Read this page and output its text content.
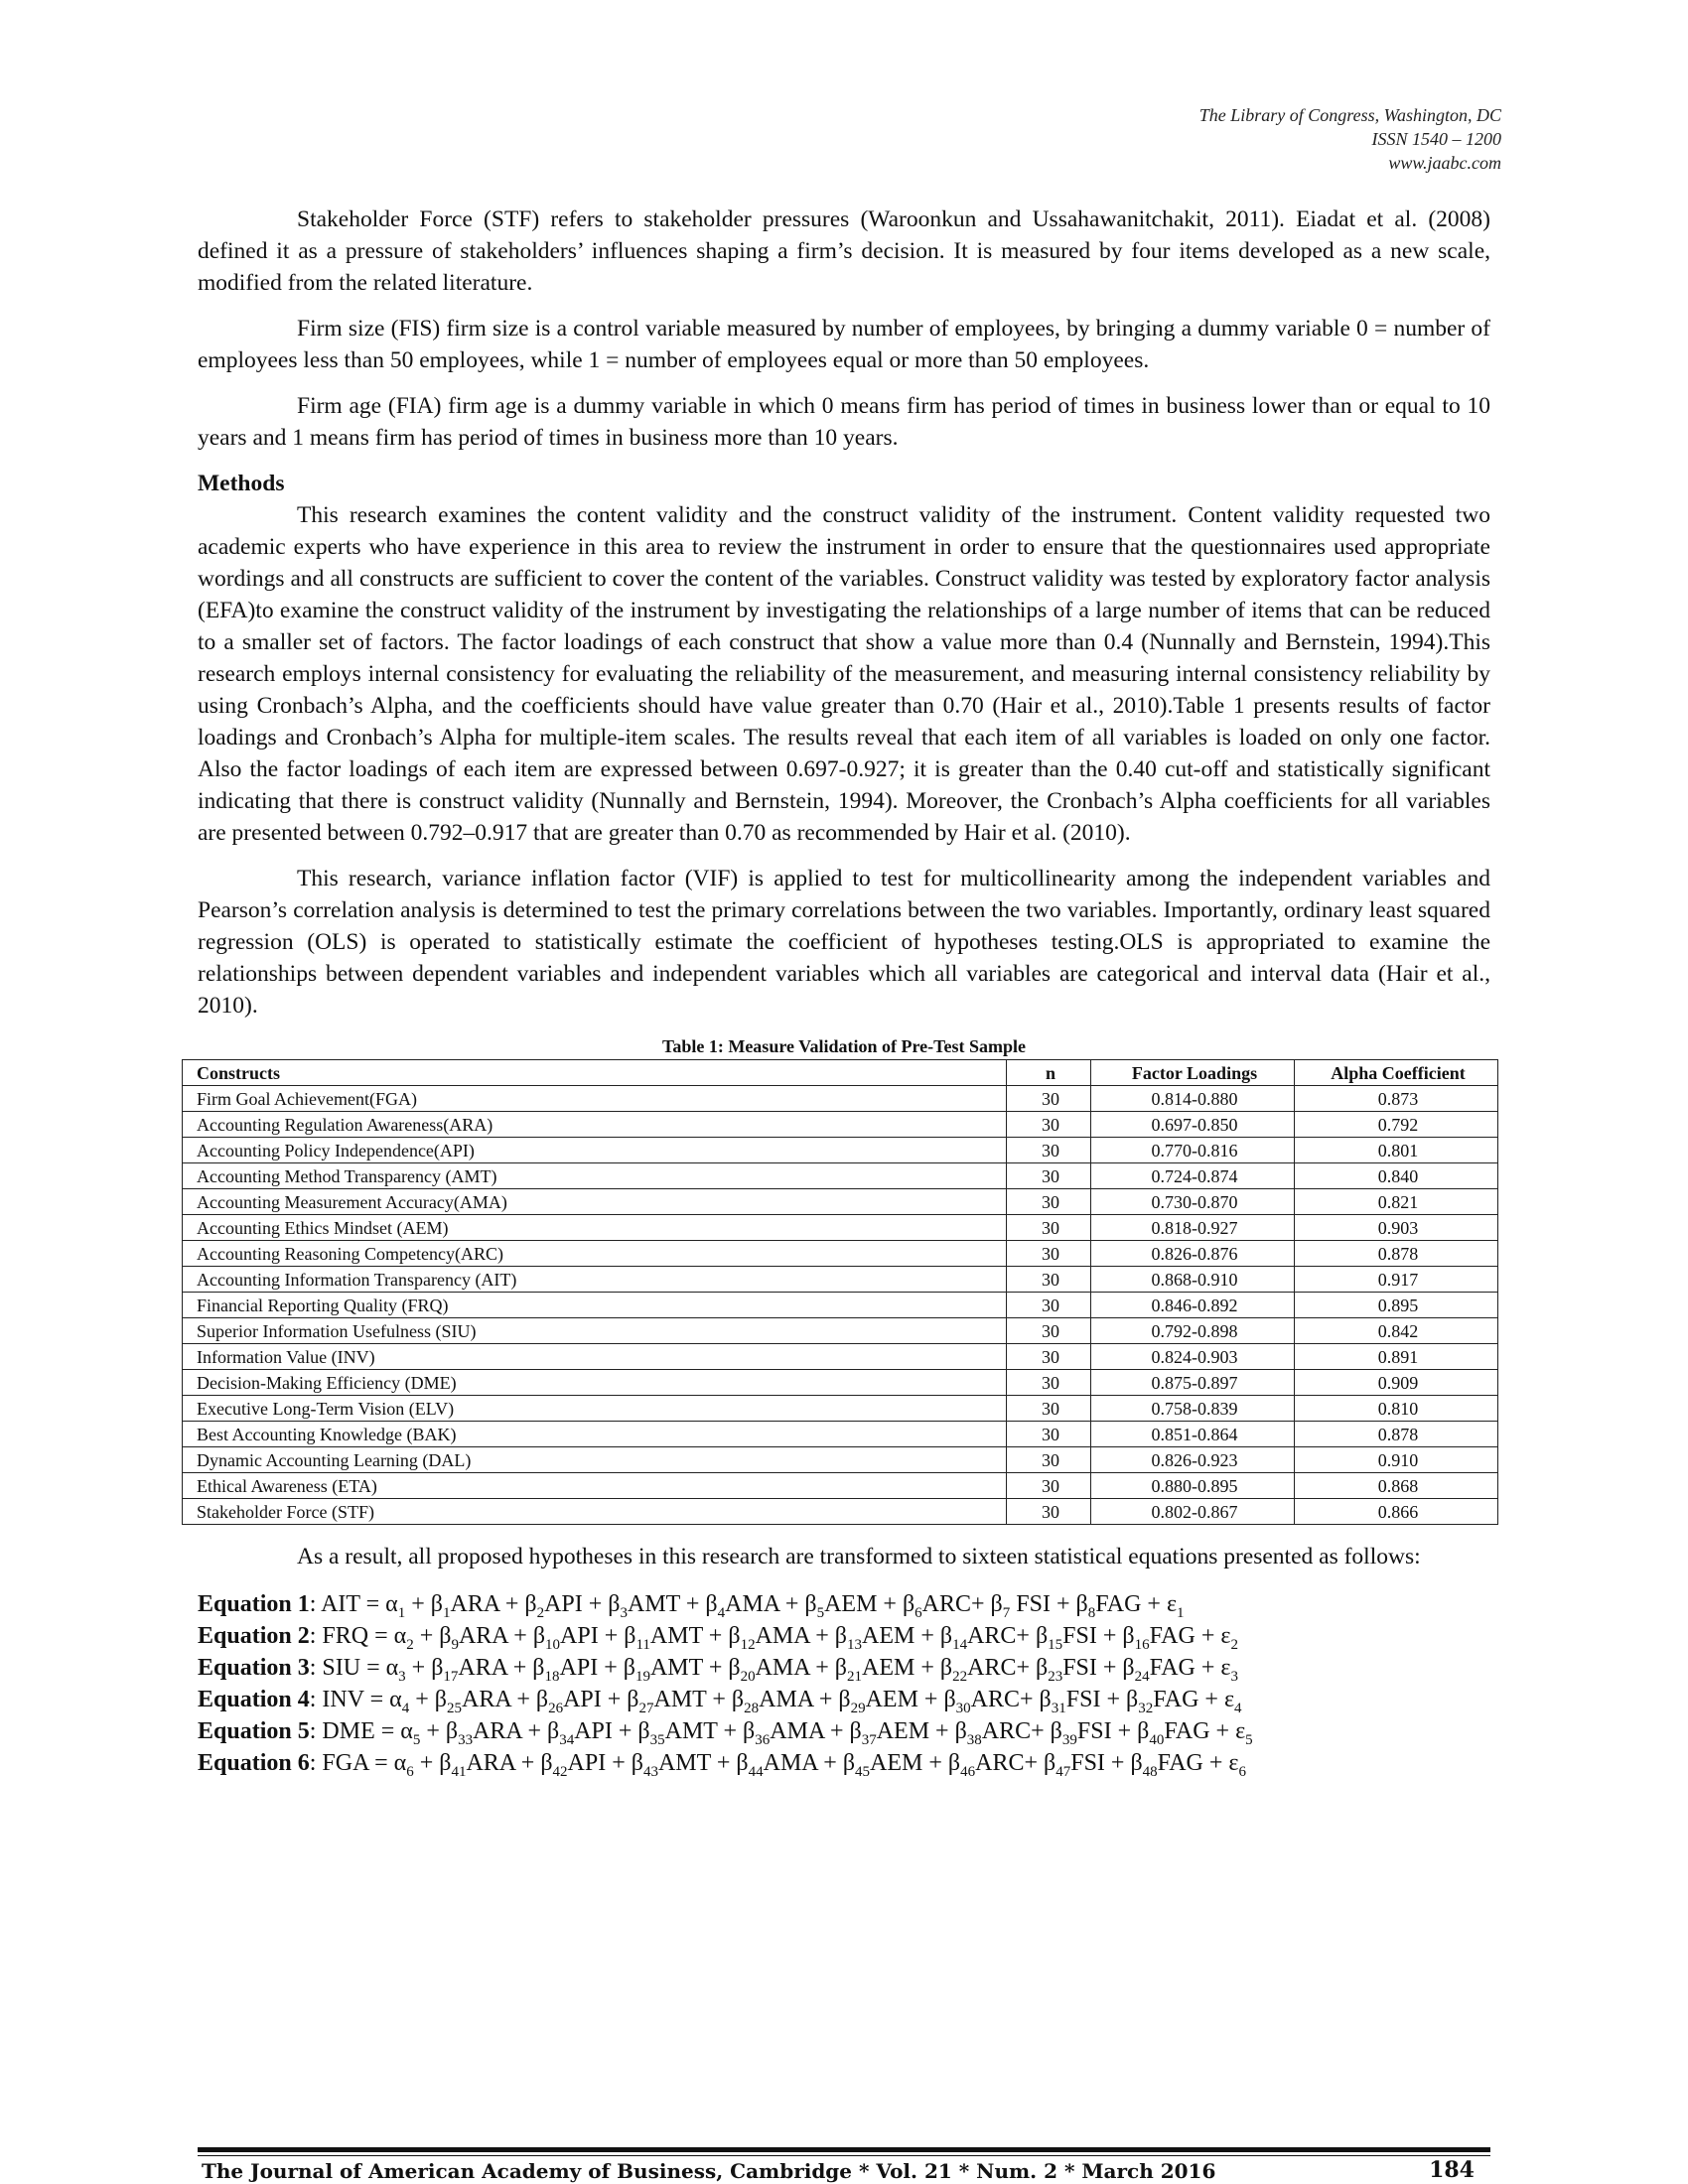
The Library of Congress, Washington, DC
ISSN 1540 – 1200
www.jaabc.com

Stakeholder Force (STF) refers to stakeholder pressures (Waroonkun and Ussahawanitchakit, 2011). Eiadat et al. (2008) defined it as a pressure of stakeholders’ influences shaping a firm’s decision. It is measured by four items developed as a new scale, modified from the related literature.

Firm size (FIS) firm size is a control variable measured by number of employees, by bringing a dummy variable 0 = number of employees less than 50 employees, while 1 = number of employees equal or more than 50 employees.

Firm age (FIA) firm age is a dummy variable in which 0 means firm has period of times in business lower than or equal to 10 years and 1 means firm has period of times in business more than 10 years.

Methods

This research examines the content validity and the construct validity of the instrument. Content validity requested two academic experts who have experience in this area to review the instrument in order to ensure that the questionnaires used appropriate wordings and all constructs are sufficient to cover the content of the variables. Construct validity was tested by exploratory factor analysis (EFA)to examine the construct validity of the instrument by investigating the relationships of a large number of items that can be reduced to a smaller set of factors. The factor loadings of each construct that show a value more than 0.4 (Nunnally and Bernstein, 1994).This research employs internal consistency for evaluating the reliability of the measurement, and measuring internal consistency reliability by using Cronbach’s Alpha, and the coefficients should have value greater than 0.70 (Hair et al., 2010).Table 1 presents results of factor loadings and Cronbach’s Alpha for multiple-item scales. The results reveal that each item of all variables is loaded on only one factor. Also the factor loadings of each item are expressed between 0.697-0.927; it is greater than the 0.40 cut-off and statistically significant indicating that there is construct validity (Nunnally and Bernstein, 1994). Moreover, the Cronbach’s Alpha coefficients for all variables are presented between 0.792–0.917 that are greater than 0.70 as recommended by Hair et al. (2010).

This research, variance inflation factor (VIF) is applied to test for multicollinearity among the independent variables and Pearson’s correlation analysis is determined to test the primary correlations between the two variables. Importantly, ordinary least squared regression (OLS) is operated to statistically estimate the coefficient of hypotheses testing.OLS is appropriated to examine the relationships between dependent variables and independent variables which all variables are categorical and interval data (Hair et al., 2010).

Table 1: Measure Validation of Pre-Test Sample
Constructs	n	Factor Loadings	Alpha Coefficient
Firm Goal Achievement(FGA)	30	0.814-0.880	0.873
Accounting Regulation Awareness(ARA)	30	0.697-0.850	0.792
Accounting Policy Independence(API)	30	0.770-0.816	0.801
Accounting Method Transparency (AMT)	30	0.724-0.874	0.840
Accounting Measurement Accuracy(AMA)	30	0.730-0.870	0.821
Accounting Ethics Mindset (AEM)	30	0.818-0.927	0.903
Accounting Reasoning Competency(ARC)	30	0.826-0.876	0.878
Accounting Information Transparency (AIT)	30	0.868-0.910	0.917
Financial Reporting Quality (FRQ)	30	0.846-0.892	0.895
Superior Information Usefulness (SIU)	30	0.792-0.898	0.842
Information Value (INV)	30	0.824-0.903	0.891
Decision-Making Efficiency (DME)	30	0.875-0.897	0.909
Executive Long-Term Vision (ELV)	30	0.758-0.839	0.810
Best Accounting Knowledge (BAK)	30	0.851-0.864	0.878
Dynamic Accounting Learning (DAL)	30	0.826-0.923	0.910
Ethical Awareness (ETA)	30	0.880-0.895	0.868
Stakeholder Force (STF)	30	0.802-0.867	0.866

As a result, all proposed hypotheses in this research are transformed to sixteen statistical equations presented as follows:

Equation 1: AIT = $\alpha_1 + \beta_1ARA + \beta_2API + \beta_3AMT + \beta_4AMA + \beta_5AEM + \beta_6ARC+ \beta_7$ FSI + $\beta_8FAG + \varepsilon_1$
Equation 2: FRQ = $\alpha_2 + \beta_9ARA + \beta_{10}API + \beta_{11}AMT + \beta_{12}AMA + \beta_{13}AEM + \beta_{14}ARC+ \beta_{15}FSI + \beta_{16}FAG + \varepsilon_2$
Equation 3: SIU = $\alpha_3 + \beta_{17}ARA + \beta_{18}API + \beta_{19}AMT + \beta_{20}AMA + \beta_{21}AEM + \beta_{22}ARC+ \beta_{23}FSI + \beta_{24}FAG + \varepsilon_3$
Equation 4: INV = $\alpha_4 + \beta_{25}ARA + \beta_{26}API + \beta_{27}AMT + \beta_{28}AMA + \beta_{29}AEM + \beta_{30}ARC+ \beta_{31}FSI + \beta_{32}FAG + \varepsilon_4$
Equation 5: DME = $\alpha_5 + \beta_{33}ARA + \beta_{34}API + \beta_{35}AMT + \beta_{36}AMA + \beta_{37}AEM + \beta_{38}ARC+ \beta_{39}FSI + \beta_{40}FAG + \varepsilon_5$
Equation 6: FGA = $\alpha_6 + \beta_{41}ARA + \beta_{42}API + \beta_{43}AMT + \beta_{44}AMA + \beta_{45}AEM + \beta_{46}ARC+ \beta_{47}FSI + \beta_{48}FAG + \varepsilon_6$
The Journal of American Academy of Business, Cambridge * Vol. 21 * Num. 2 * March 2016	184
